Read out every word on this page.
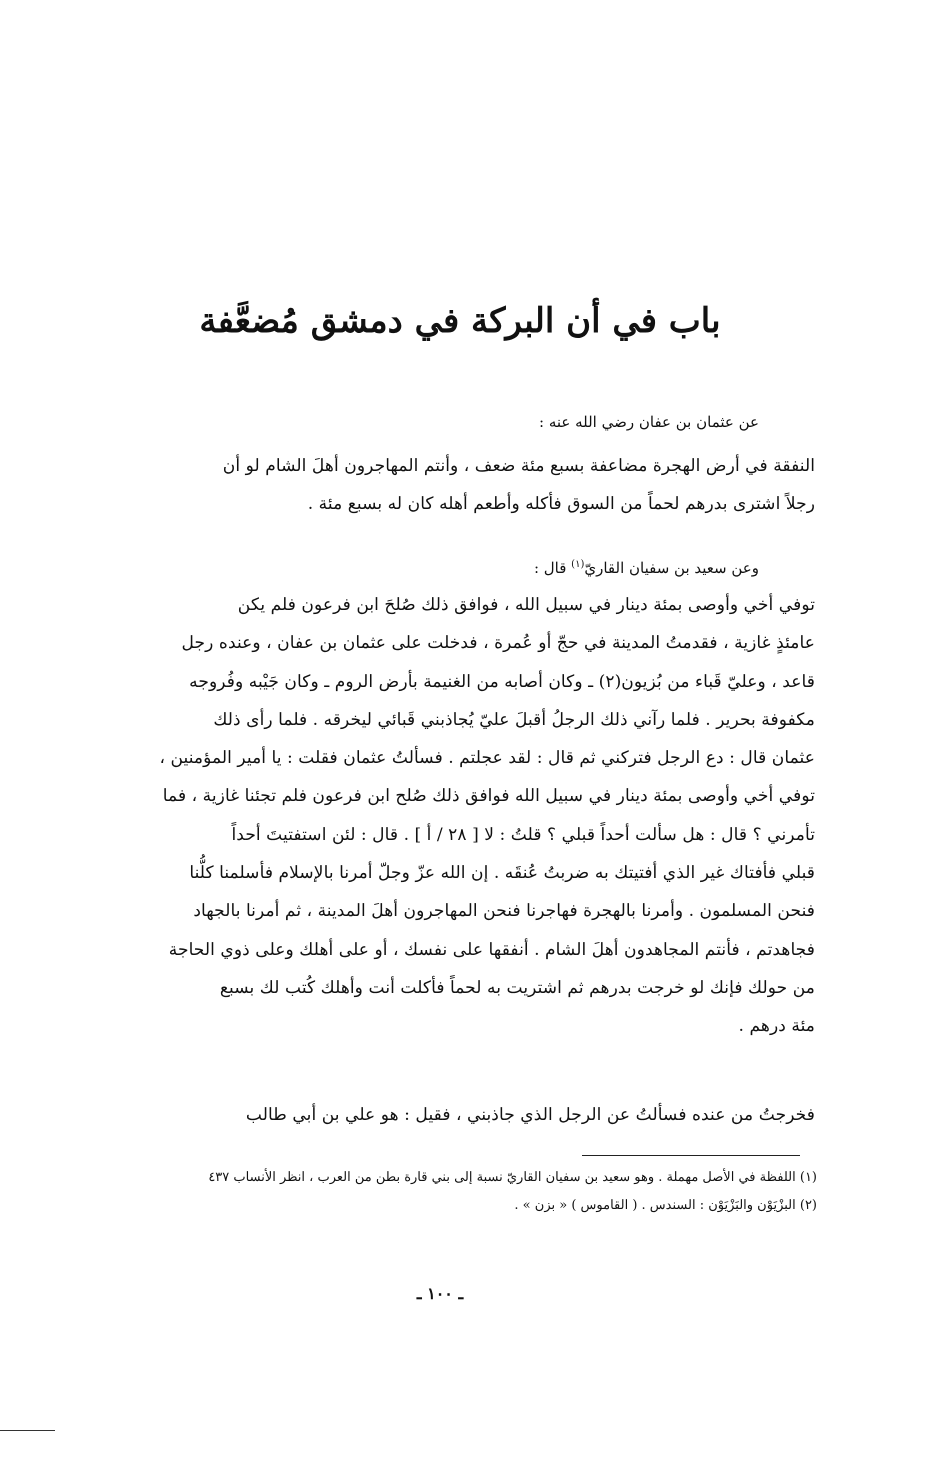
باب في أن البركة في دمشق مُضعَّفة
عن عثمان بن عفان رضي الله عنه :
النفقة في أرض الهجرة مضاعفة بسبع مئة ضعف ، وأنتم المهاجرون أهلَ الشام لو أن
رجلاً اشترى بدرهم لحماً من السوق فأكله وأطعم أهله كان له بسبع مئة .
وعن سعيد بن سفيان القاريّ$^{(١)}$ قال :
توفي أخي وأوصى بمئة دينار في سبيل الله ، فوافق ذلك صُلحَ ابن فرعون فلم يكن
عامئذٍ غازية ، فقدمتُ المدينة في حجّ أو عُمرة ، فدخلت على عثمان بن عفان ، وعنده رجل
قاعد ، وعليّ قَباء من بُزيون(٢) ـ وكان أصابه من الغنيمة بأرض الروم ـ وكان جَيْبه وفُروجه
مكفوفة بحرير . فلما رآني ذلك الرجلُ أقبلَ عليّ يُجاذبني قَبائي ليخرقه . فلما رأى ذلك
عثمان قال : دع الرجل فتركني ثم قال : لقد عجلتم . فسألتُ عثمان فقلت : يا أمير المؤمنين ،
توفي أخي وأوصى بمئة دينار في سبيل الله فوافق ذلك صُلح ابن فرعون فلم تجئنا غازية ، فما
تأمرني ؟ قال : هل سألت أحداً قبلي ؟ قلتُ : لا [ ٢٨ / أ ] . قال : لئن استفتيتَ أحداً
قبلي فأفتاك غير الذي أفتيتك به ضربتُ عُنقَه . إن الله عزّ وجلّ أمرنا بالإسلام فأسلمنا كلُّنا
فنحن المسلمون . وأمرنا بالهجرة فهاجرنا فنحن المهاجرون أهلَ المدينة ، ثم أمرنا بالجهاد
فجاهدتم ، فأنتم المجاهدون أهلَ الشام . أنفقها على نفسك ، أو على أهلك وعلى ذوي الحاجة
من حولك فإنك لو خرجت بدرهم ثم اشتريت به لحماً فأكلت أنت وأهلك كُتب لك بسبع
مئة درهم .
فخرجتُ من عنده فسألتُ عن الرجل الذي جاذبني ، فقيل : هو علي بن أبي طالب

(١) اللفظة في الأصل مهملة . وهو سعيد بن سفيان القاريّ نسبة إلى بني قارة بطن من العرب ، انظر الأنساب ٤٣٧

(٢) البزْيَوْن والبَزْيَوْن : السندس . ( القاموس ) « بزن » .

ـ ١٠٠ ـ
